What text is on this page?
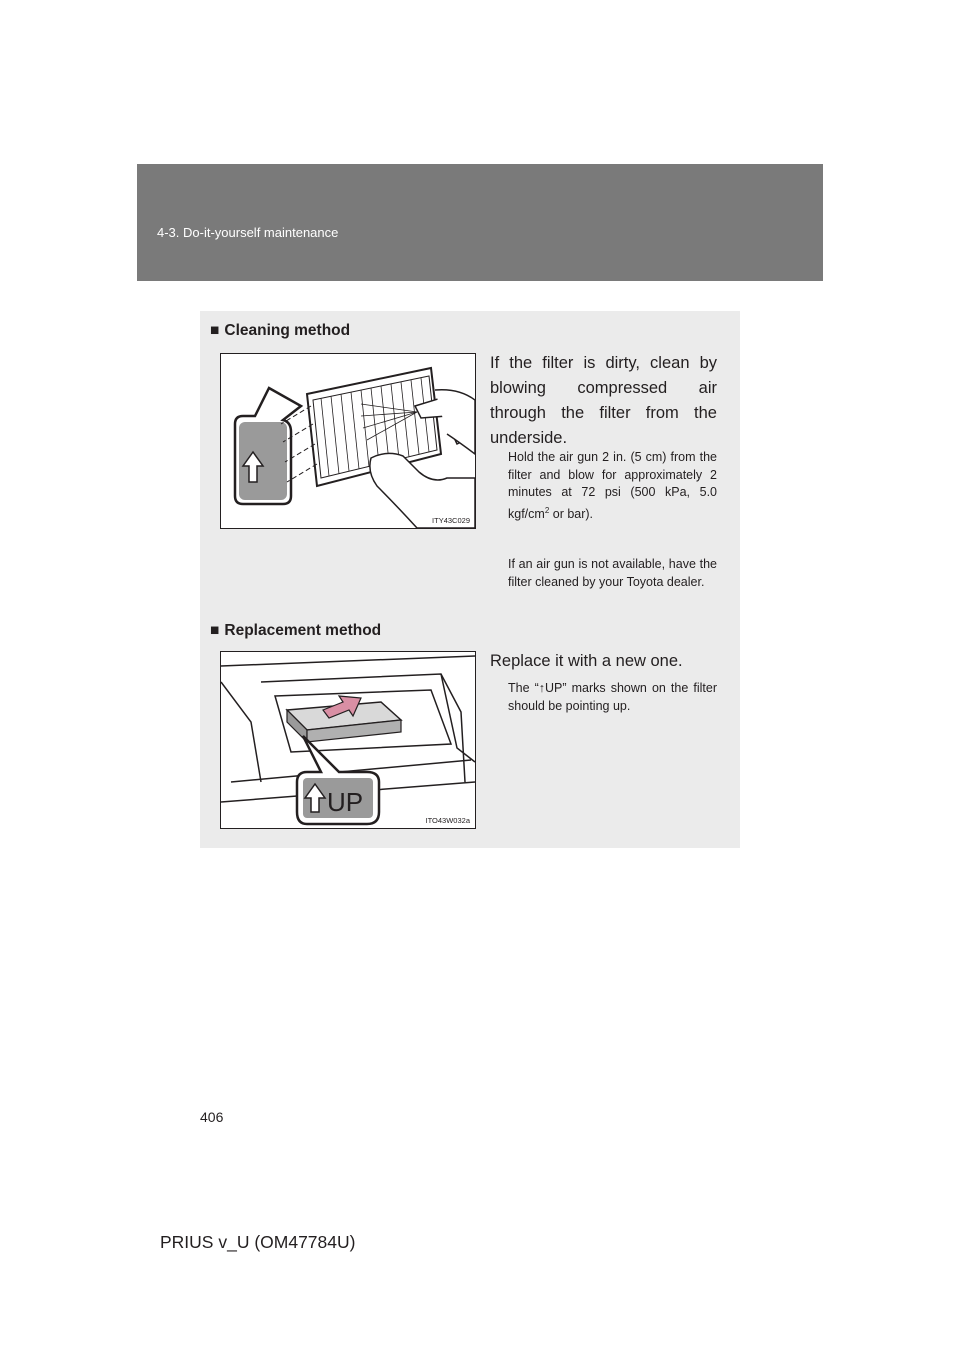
4-3. Do-it-yourself maintenance
■ Cleaning method
ITY43C029
If the filter is dirty, clean by blowing compressed air through the filter from the underside.
Hold the air gun 2 in. (5 cm) from the filter and blow for approximately 2 minutes at 72 psi (500 kPa, 5.0 kgf/$cm^2$ or bar).
If an air gun is not available, have the filter cleaned by your Toyota dealer.
■ Replacement method
UP
ITO43W032a
Replace it with a new one.
The “↑UP” marks shown on the filter should be pointing up.
406
PRIUS v_U (OM47784U)
